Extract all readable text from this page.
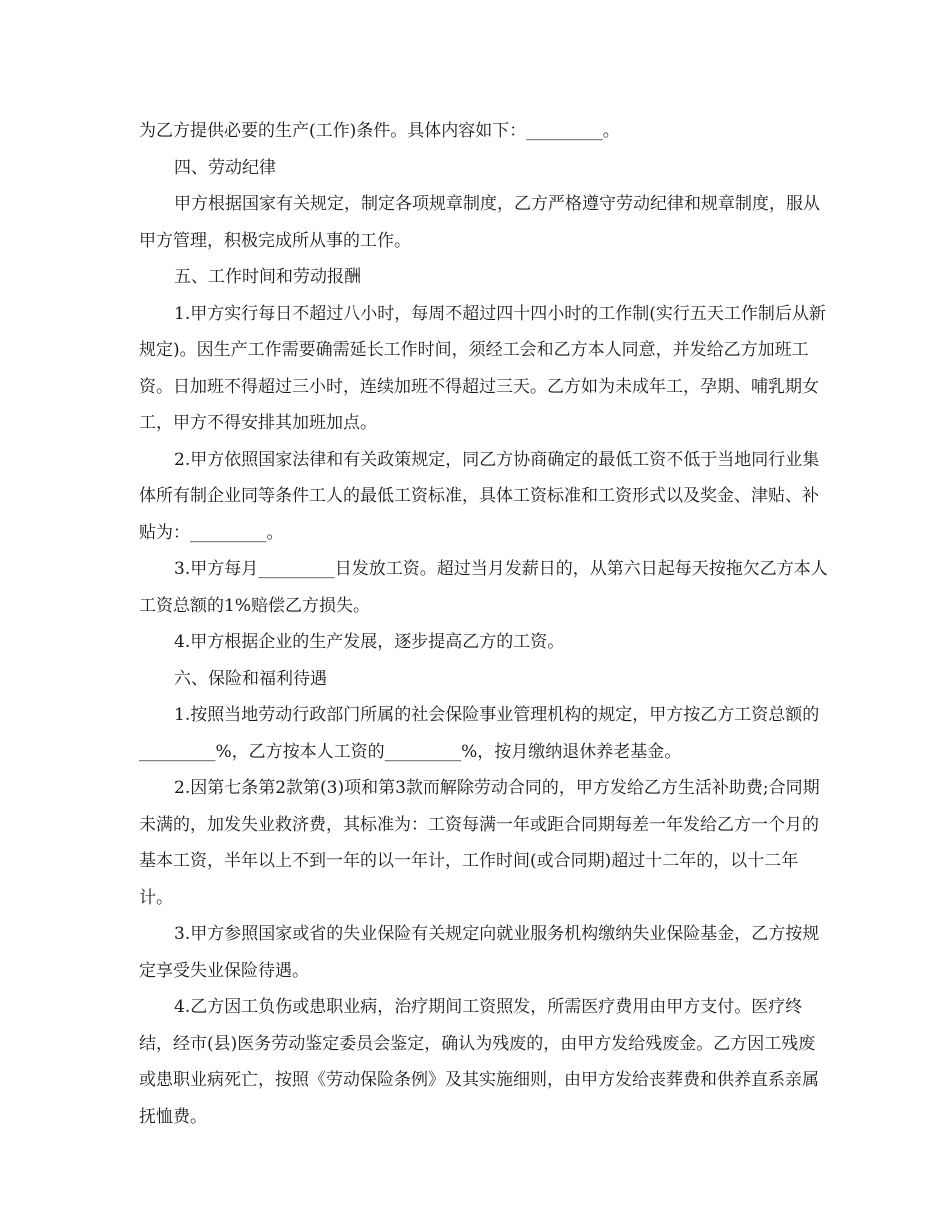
为乙方提供必要的生产(工作)条件。具体内容如下：_________。

四、劳动纪律

甲方根据国家有关规定，制定各项规章制度，乙方严格遵守劳动纪律和规章制度，服从甲方管理，积极完成所从事的工作。

五、工作时间和劳动报酬

1.甲方实行每日不超过八小时，每周不超过四十四小时的工作制(实行五天工作制后从新规定)。因生产工作需要确需延长工作时间，须经工会和乙方本人同意，并发给乙方加班工资。日加班不得超过三小时，连续加班不得超过三天。乙方如为未成年工，孕期、哺乳期女工，甲方不得安排其加班加点。

2.甲方依照国家法律和有关政策规定，同乙方协商确定的最低工资不低于当地同行业集体所有制企业同等条件工人的最低工资标准，具体工资标准和工资形式以及奖金、津贴、补贴为：_________。

3.甲方每月_________日发放工资。超过当月发薪日的，从第六日起每天按拖欠乙方本人工资总额的1%赔偿乙方损失。

4.甲方根据企业的生产发展，逐步提高乙方的工资。

六、保险和福利待遇

1.按照当地劳动行政部门所属的社会保险事业管理机构的规定，甲方按乙方工资总额的_________%，乙方按本人工资的_________%，按月缴纳退休养老基金。

2.因第七条第2款第(3)项和第3款而解除劳动合同的，甲方发给乙方生活补助费;合同期未满的，加发失业救济费，其标准为：工资每满一年或距合同期每差一年发给乙方一个月的基本工资，半年以上不到一年的以一年计，工作时间(或合同期)超过十二年的，以十二年计。

3.甲方参照国家或省的失业保险有关规定向就业服务机构缴纳失业保险基金，乙方按规定享受失业保险待遇。

4.乙方因工负伤或患职业病，治疗期间工资照发，所需医疗费用由甲方支付。医疗终结，经市(县)医务劳动鉴定委员会鉴定，确认为残废的，由甲方发给残废金。乙方因工残废或患职业病死亡，按照《劳动保险条例》及其实施细则，由甲方发给丧葬费和供养直系亲属抚恤费。
